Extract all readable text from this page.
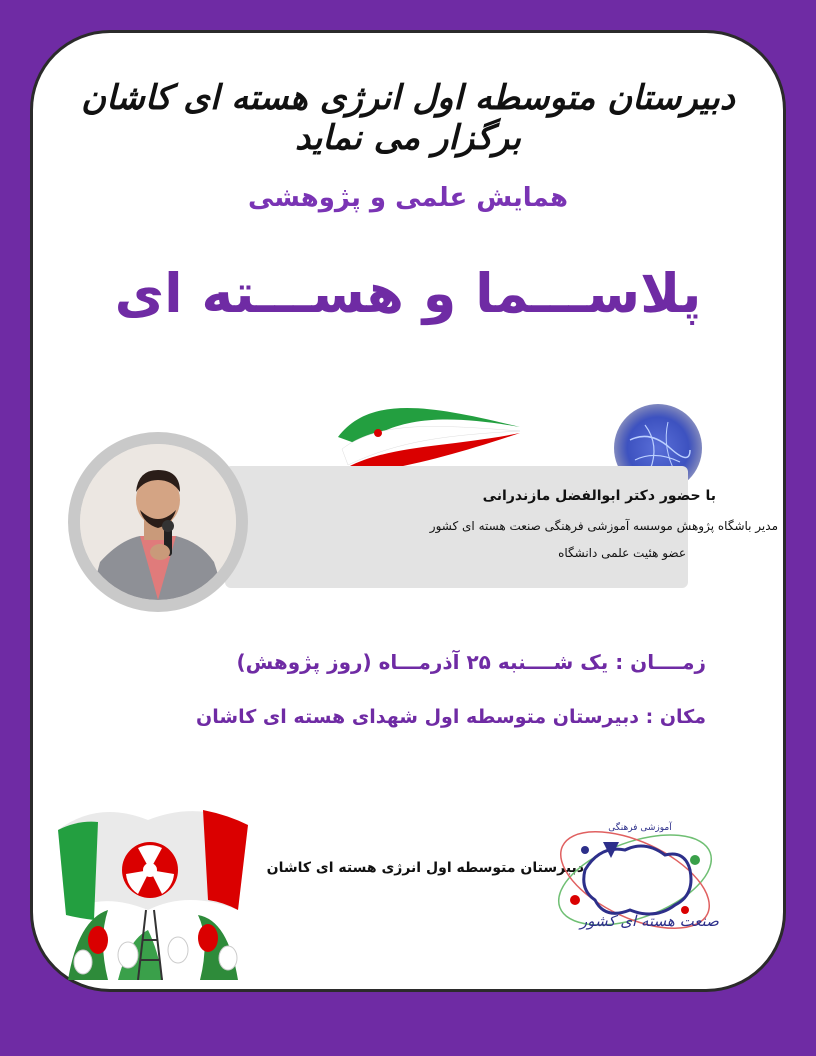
دبیرستان متوسطه اول انرژی هسته ای کاشان برگزار می نماید
همایش علمی و پژوهشی
پلاســـما و هســـته ای
با حضور دکتر ابوالفضل مازندرانی
مدیر باشگاه پژوهش موسسه آموزشی فرهنگی صنعت هسته ای کشور
عضو هئیت علمی دانشگاه
زمــــان : یک شــــنبه ۲۵ آذرمـــاه (روز پژوهش)
مکان : دبیرستان متوسطه اول شهدای هسته ای کاشان
دبیرستان متوسطه اول انرژی هسته ای کاشان
آموزشی فرهنگی
صنعت هسته ای کشور
